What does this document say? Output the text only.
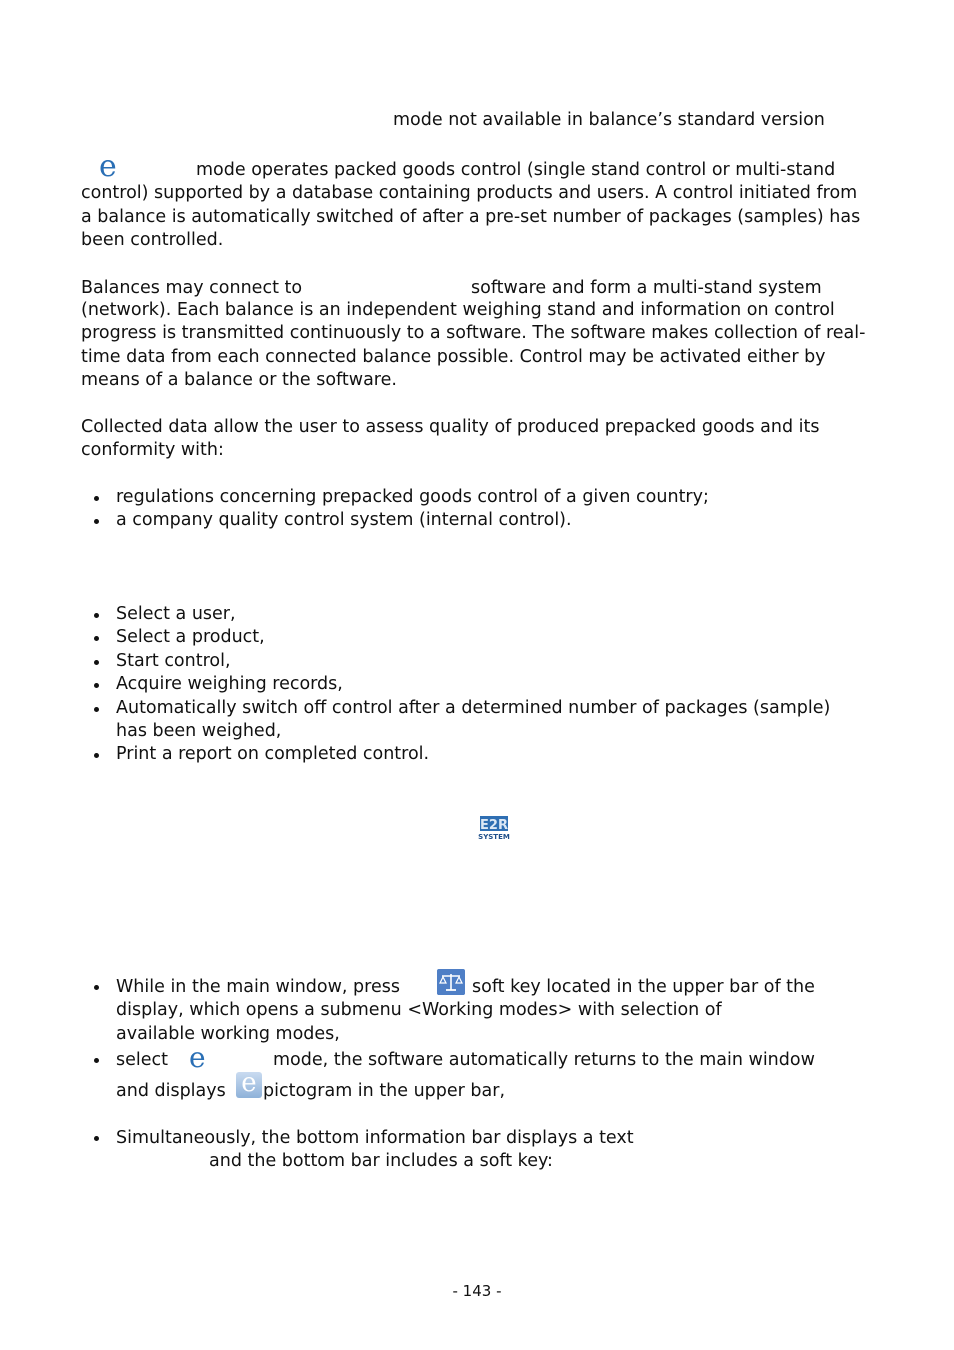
mode not available in balance’s standard version
e	mode operates packed goods control (single stand control or multi-stand control) supported by a database containing products and users. A control initiated from a balance is automatically switched of after a pre-set number of packages (samples) has been controlled.

Balances may connect to	software and form a multi-stand system

(network). Each balance is an independent weighing stand and information on control progress is transmitted continuously to a software. The software makes collection of real-time data from each connected balance possible. Control may be activated either by means of a balance or the software.

Collected data allow the user to assess quality of produced prepacked goods and its conformity with:

regulations concerning prepacked goods control of a given country;
a company quality control system (internal control).
Select a user,
Select a product,
Start control,
Acquire weighing records,
Automatically switch off control after a determined number of packages (sample) has been weighed,
Print a report on completed control.
E2R
SYSTEM
While in the main window, press	soft key located in the upper bar of the
display, which opens a submenu <Working modes> with selection of
available working modes,
select e	mode, the software automatically returns to the main window
and displays e pictogram in the upper bar,
Simultaneously, the bottom information bar displays a text
and the bottom bar includes a soft key:
- 143 -
